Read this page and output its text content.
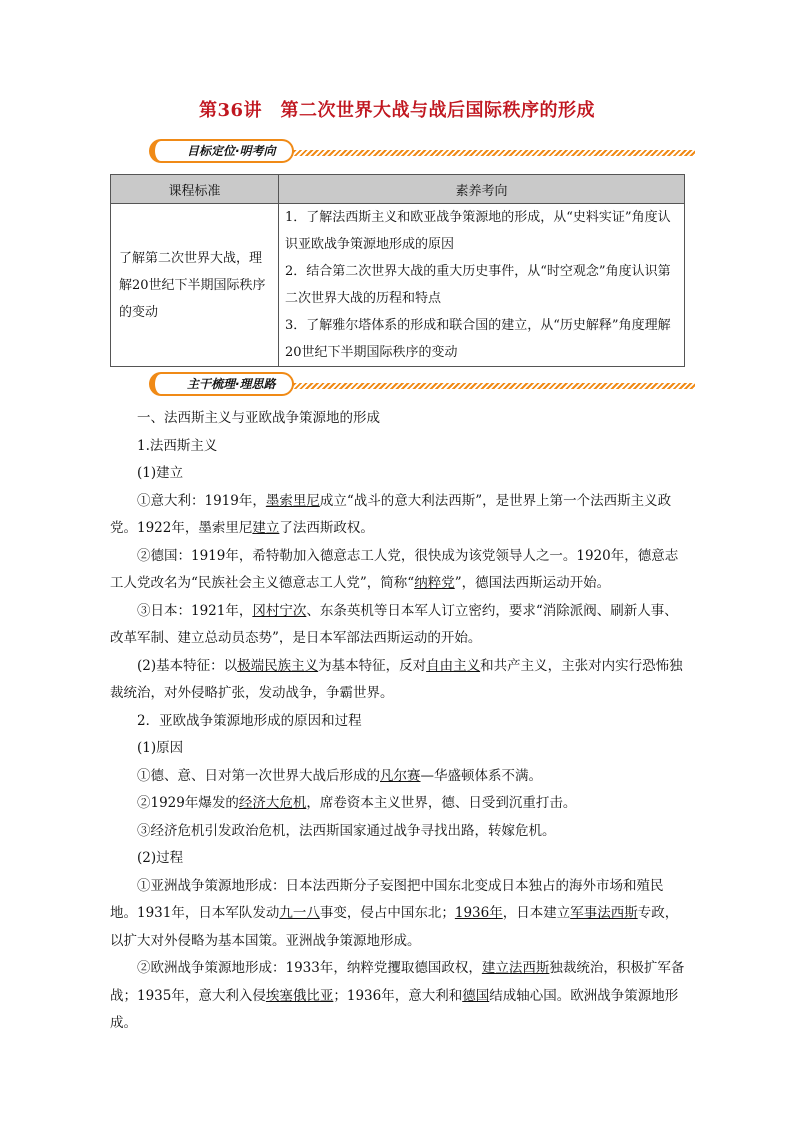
第36讲　第二次世界大战与战后国际秩序的形成
目标定位·明考向
课程标准	素养考向
了解第二次世界大战，理解20世纪下半期国际秩序的变动	1．了解法西斯主义和欧亚战争策源地的形成，从“史料实证”角度认识亚欧战争策源地形成的原因
2．结合第二次世界大战的重大历史事件，从“时空观念”角度认识第二次世界大战的历程和特点
3．了解雅尔塔体系的形成和联合国的建立，从“历史解释”角度理解20世纪下半期国际秩序的变动
主干梳理·理思路

一、法西斯主义与亚欧战争策源地的形成

1.法西斯主义

(1)建立

①意大利：1919年，墨索里尼成立“战斗的意大利法西斯”，是世界上第一个法西斯主义政党。1922年，墨索里尼建立了法西斯政权。

②德国：1919年，希特勒加入德意志工人党，很快成为该党领导人之一。1920年，德意志工人党改名为“民族社会主义德意志工人党”，简称“纳粹党”，德国法西斯运动开始。

③日本：1921年，冈村宁次、东条英机等日本军人订立密约，要求“消除派阀、刷新人事、改革军制、建立总动员态势”，是日本军部法西斯运动的开始。

(2)基本特征：以极端民族主义为基本特征，反对自由主义和共产主义，主张对内实行恐怖独裁统治，对外侵略扩张，发动战争，争霸世界。

2．亚欧战争策源地形成的原因和过程

(1)原因

①德、意、日对第一次世界大战后形成的凡尔赛—华盛顿体系不满。

②1929年爆发的经济大危机，席卷资本主义世界，德、日受到沉重打击。

③经济危机引发政治危机，法西斯国家通过战争寻找出路，转嫁危机。

(2)过程

①亚洲战争策源地形成：日本法西斯分子妄图把中国东北变成日本独占的海外市场和殖民地。1931年，日本军队发动九一八事变，侵占中国东北；1936年，日本建立军事法西斯专政，以扩大对外侵略为基本国策。亚洲战争策源地形成。

②欧洲战争策源地形成：1933年，纳粹党攫取德国政权，建立法西斯独裁统治，积极扩军备战；1935年，意大利入侵埃塞俄比亚；1936年，意大利和德国结成轴心国。欧洲战争策源地形成。
